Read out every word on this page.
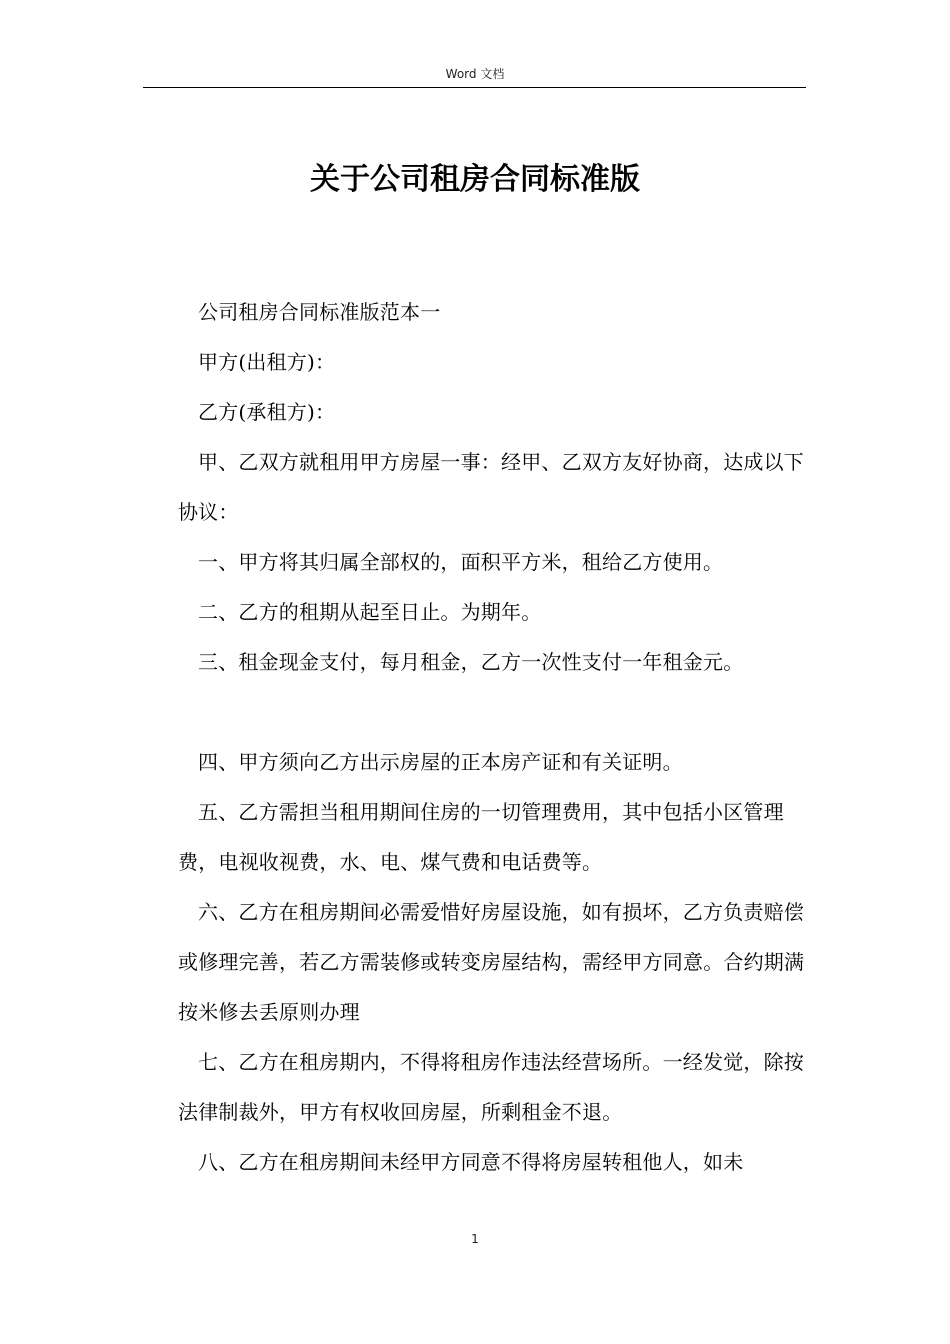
Word 文档
关于公司租房合同标准版

公司租房合同标准版范本一

甲方(出租方)：

乙方(承租方)：

甲、乙双方就租用甲方房屋一事：经甲、乙双方友好协商，达成以下协议：

一、甲方将其归属全部权的，面积平方米，租给乙方使用。

二、乙方的租期从起至日止。为期年。

三、租金现金支付，每月租金，乙方一次性支付一年租金元。

四、甲方须向乙方出示房屋的正本房产证和有关证明。

五、乙方需担当租用期间住房的一切管理费用，其中包括小区管理费，电视收视费，水、电、煤气费和电话费等。

六、乙方在租房期间必需爱惜好房屋设施，如有损坏，乙方负责赔偿或修理完善，若乙方需装修或转变房屋结构，需经甲方同意。合约期满按米修去丢原则办理

七、乙方在租房期内，不得将租房作违法经营场所。一经发觉，除按法律制裁外，甲方有权收回房屋，所剩租金不退。

八、乙方在租房期间未经甲方同意不得将房屋转租他人，如未

1
